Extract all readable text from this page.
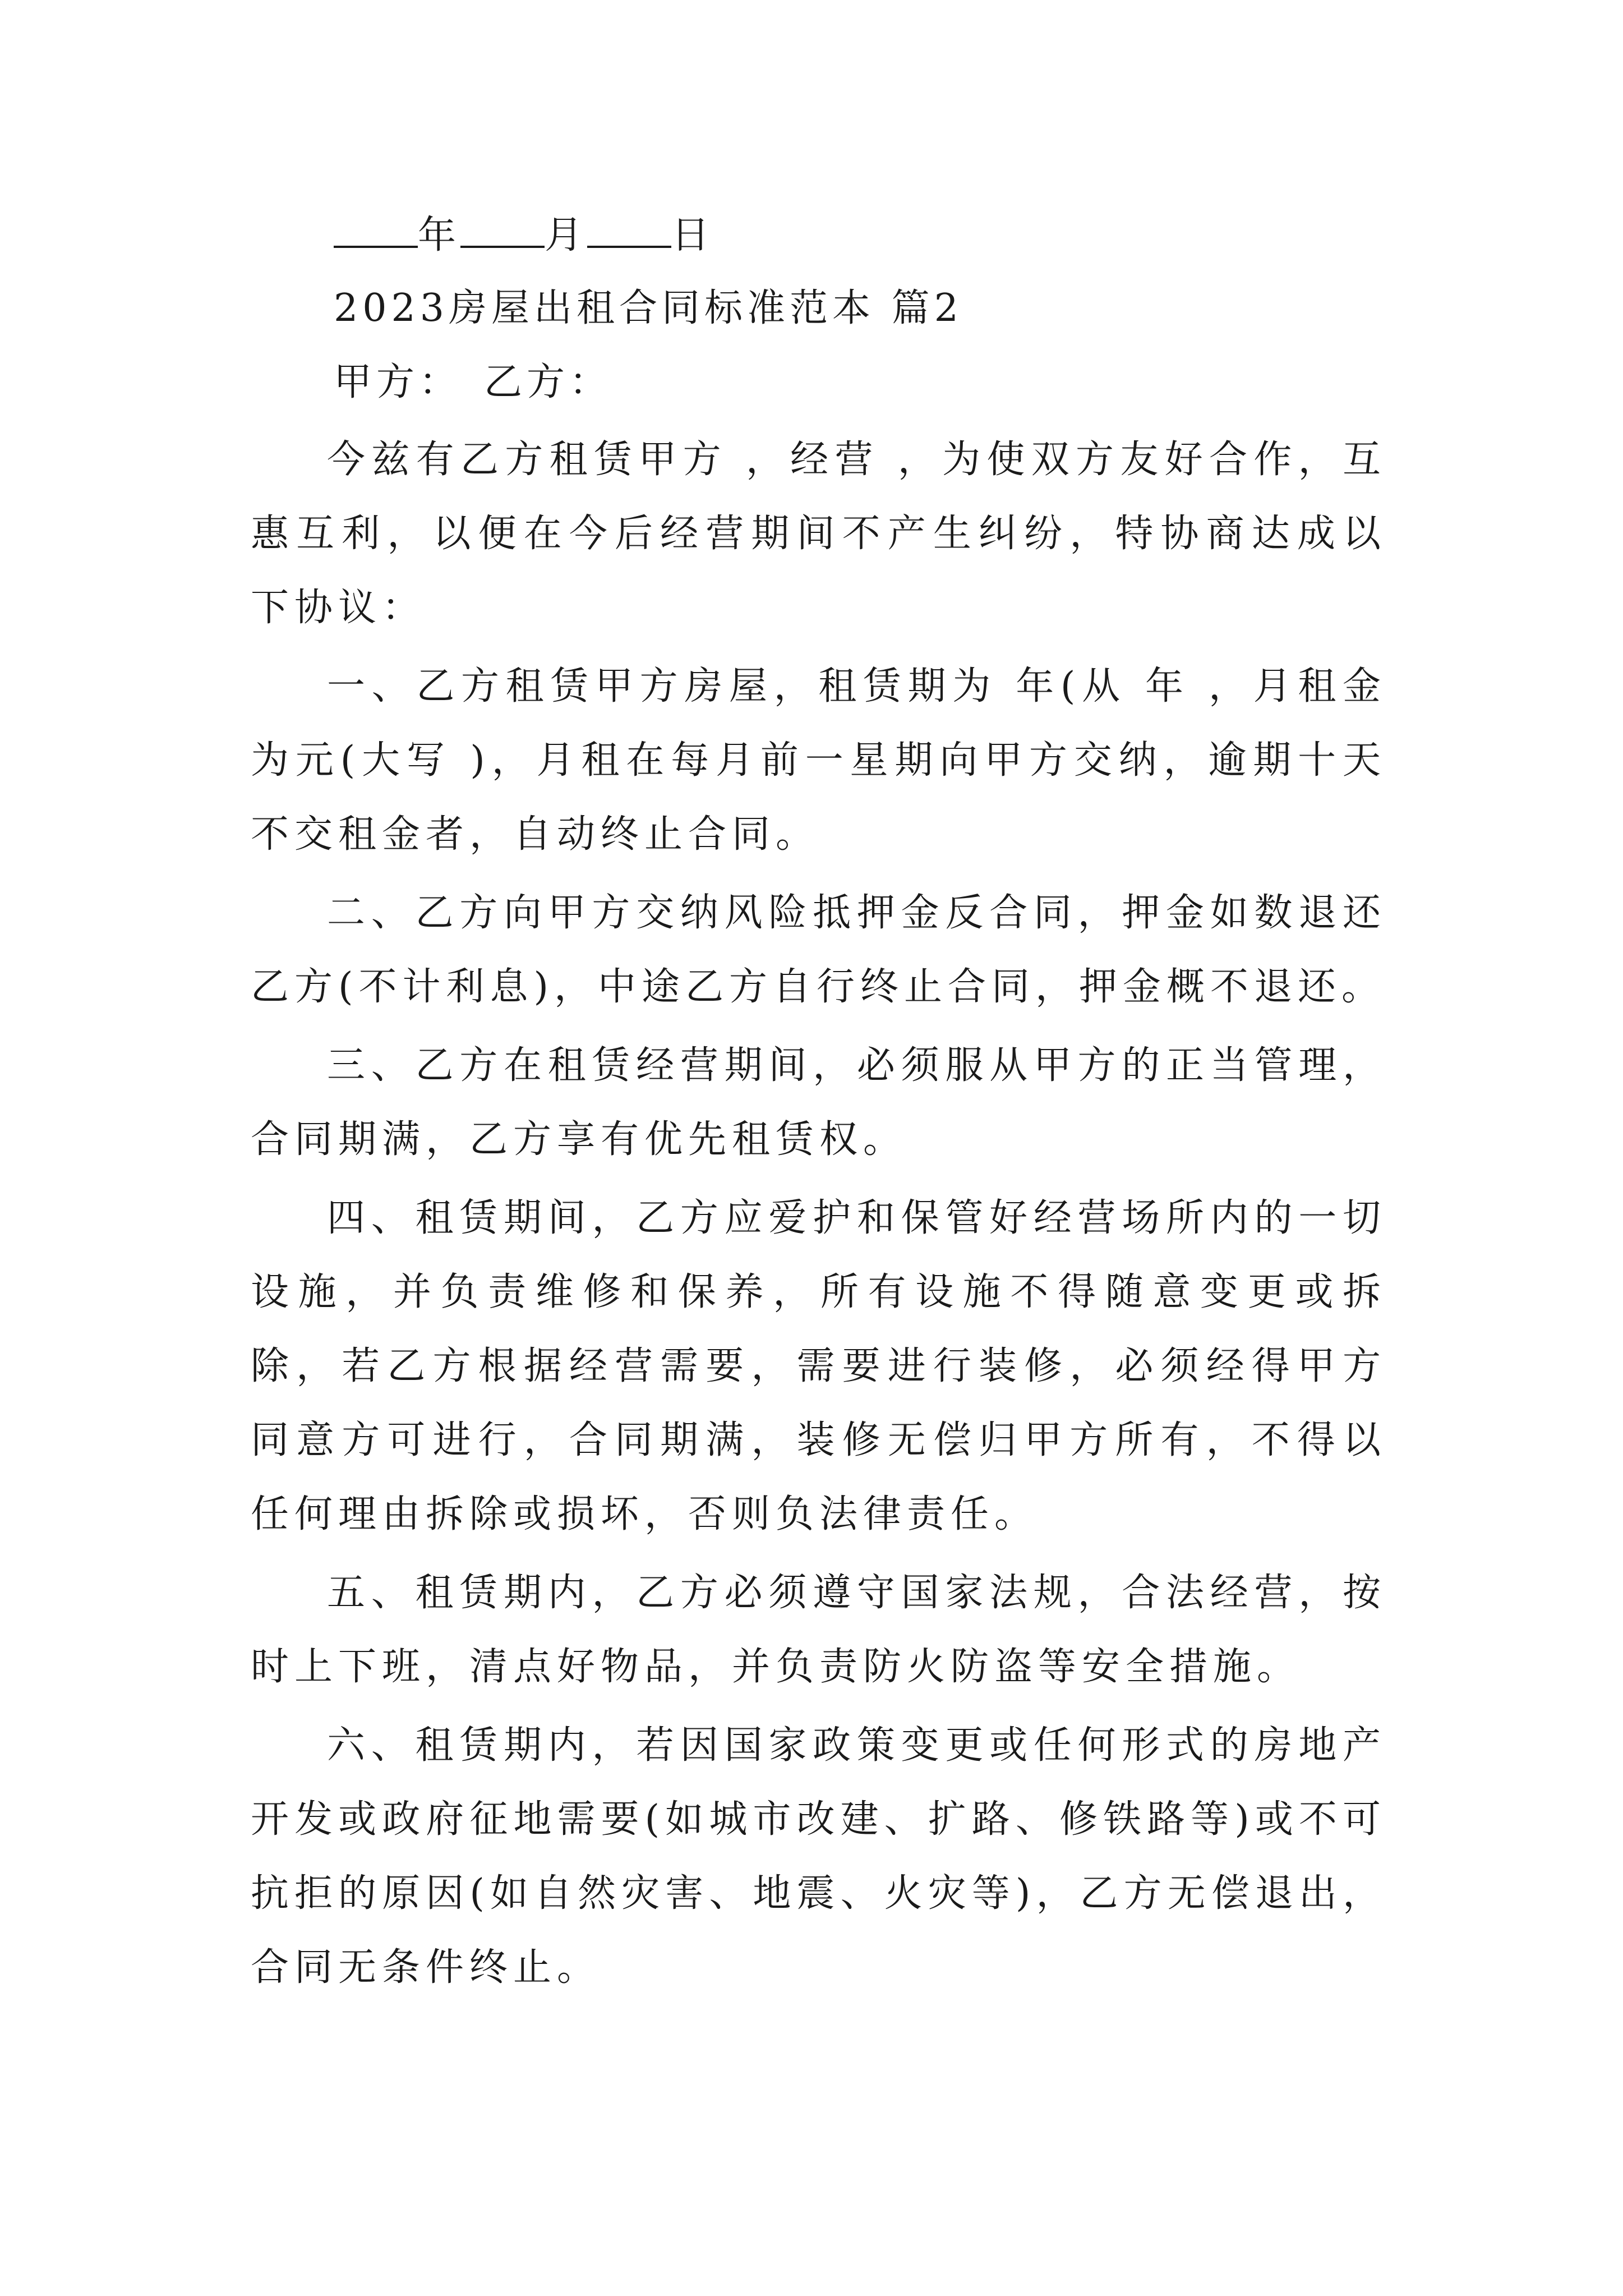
年 月 日
2023房屋出租合同标准范本 篇2
甲方： 乙方：

今兹有乙方租赁甲方 ，经营 ，为使双方友好合作，互惠互利，以便在今后经营期间不产生纠纷，特协商达成以下协议：

一、乙方租赁甲方房屋，租赁期为 年(从 年 ，月租金为元(大写 )，月租在每月前一星期向甲方交纳，逾期十天不交租金者，自动终止合同。

二、乙方向甲方交纳风险抵押金反合同，押金如数退还乙方(不计利息)，中途乙方自行终止合同，押金概不退还。

三、乙方在租赁经营期间，必须服从甲方的正当管理，合同期满，乙方享有优先租赁权。

四、租赁期间，乙方应爱护和保管好经营场所内的一切设施，并负责维修和保养，所有设施不得随意变更或拆除，若乙方根据经营需要，需要进行装修，必须经得甲方同意方可进行，合同期满，装修无偿归甲方所有，不得以任何理由拆除或损坏，否则负法律责任。

五、租赁期内，乙方必须遵守国家法规，合法经营，按时上下班，清点好物品，并负责防火防盗等安全措施。

六、租赁期内，若因国家政策变更或任何形式的房地产开发或政府征地需要(如城市改建、扩路、修铁路等)或不可抗拒的原因(如自然灾害、地震、火灾等)，乙方无偿退出，合同无条件终止。
